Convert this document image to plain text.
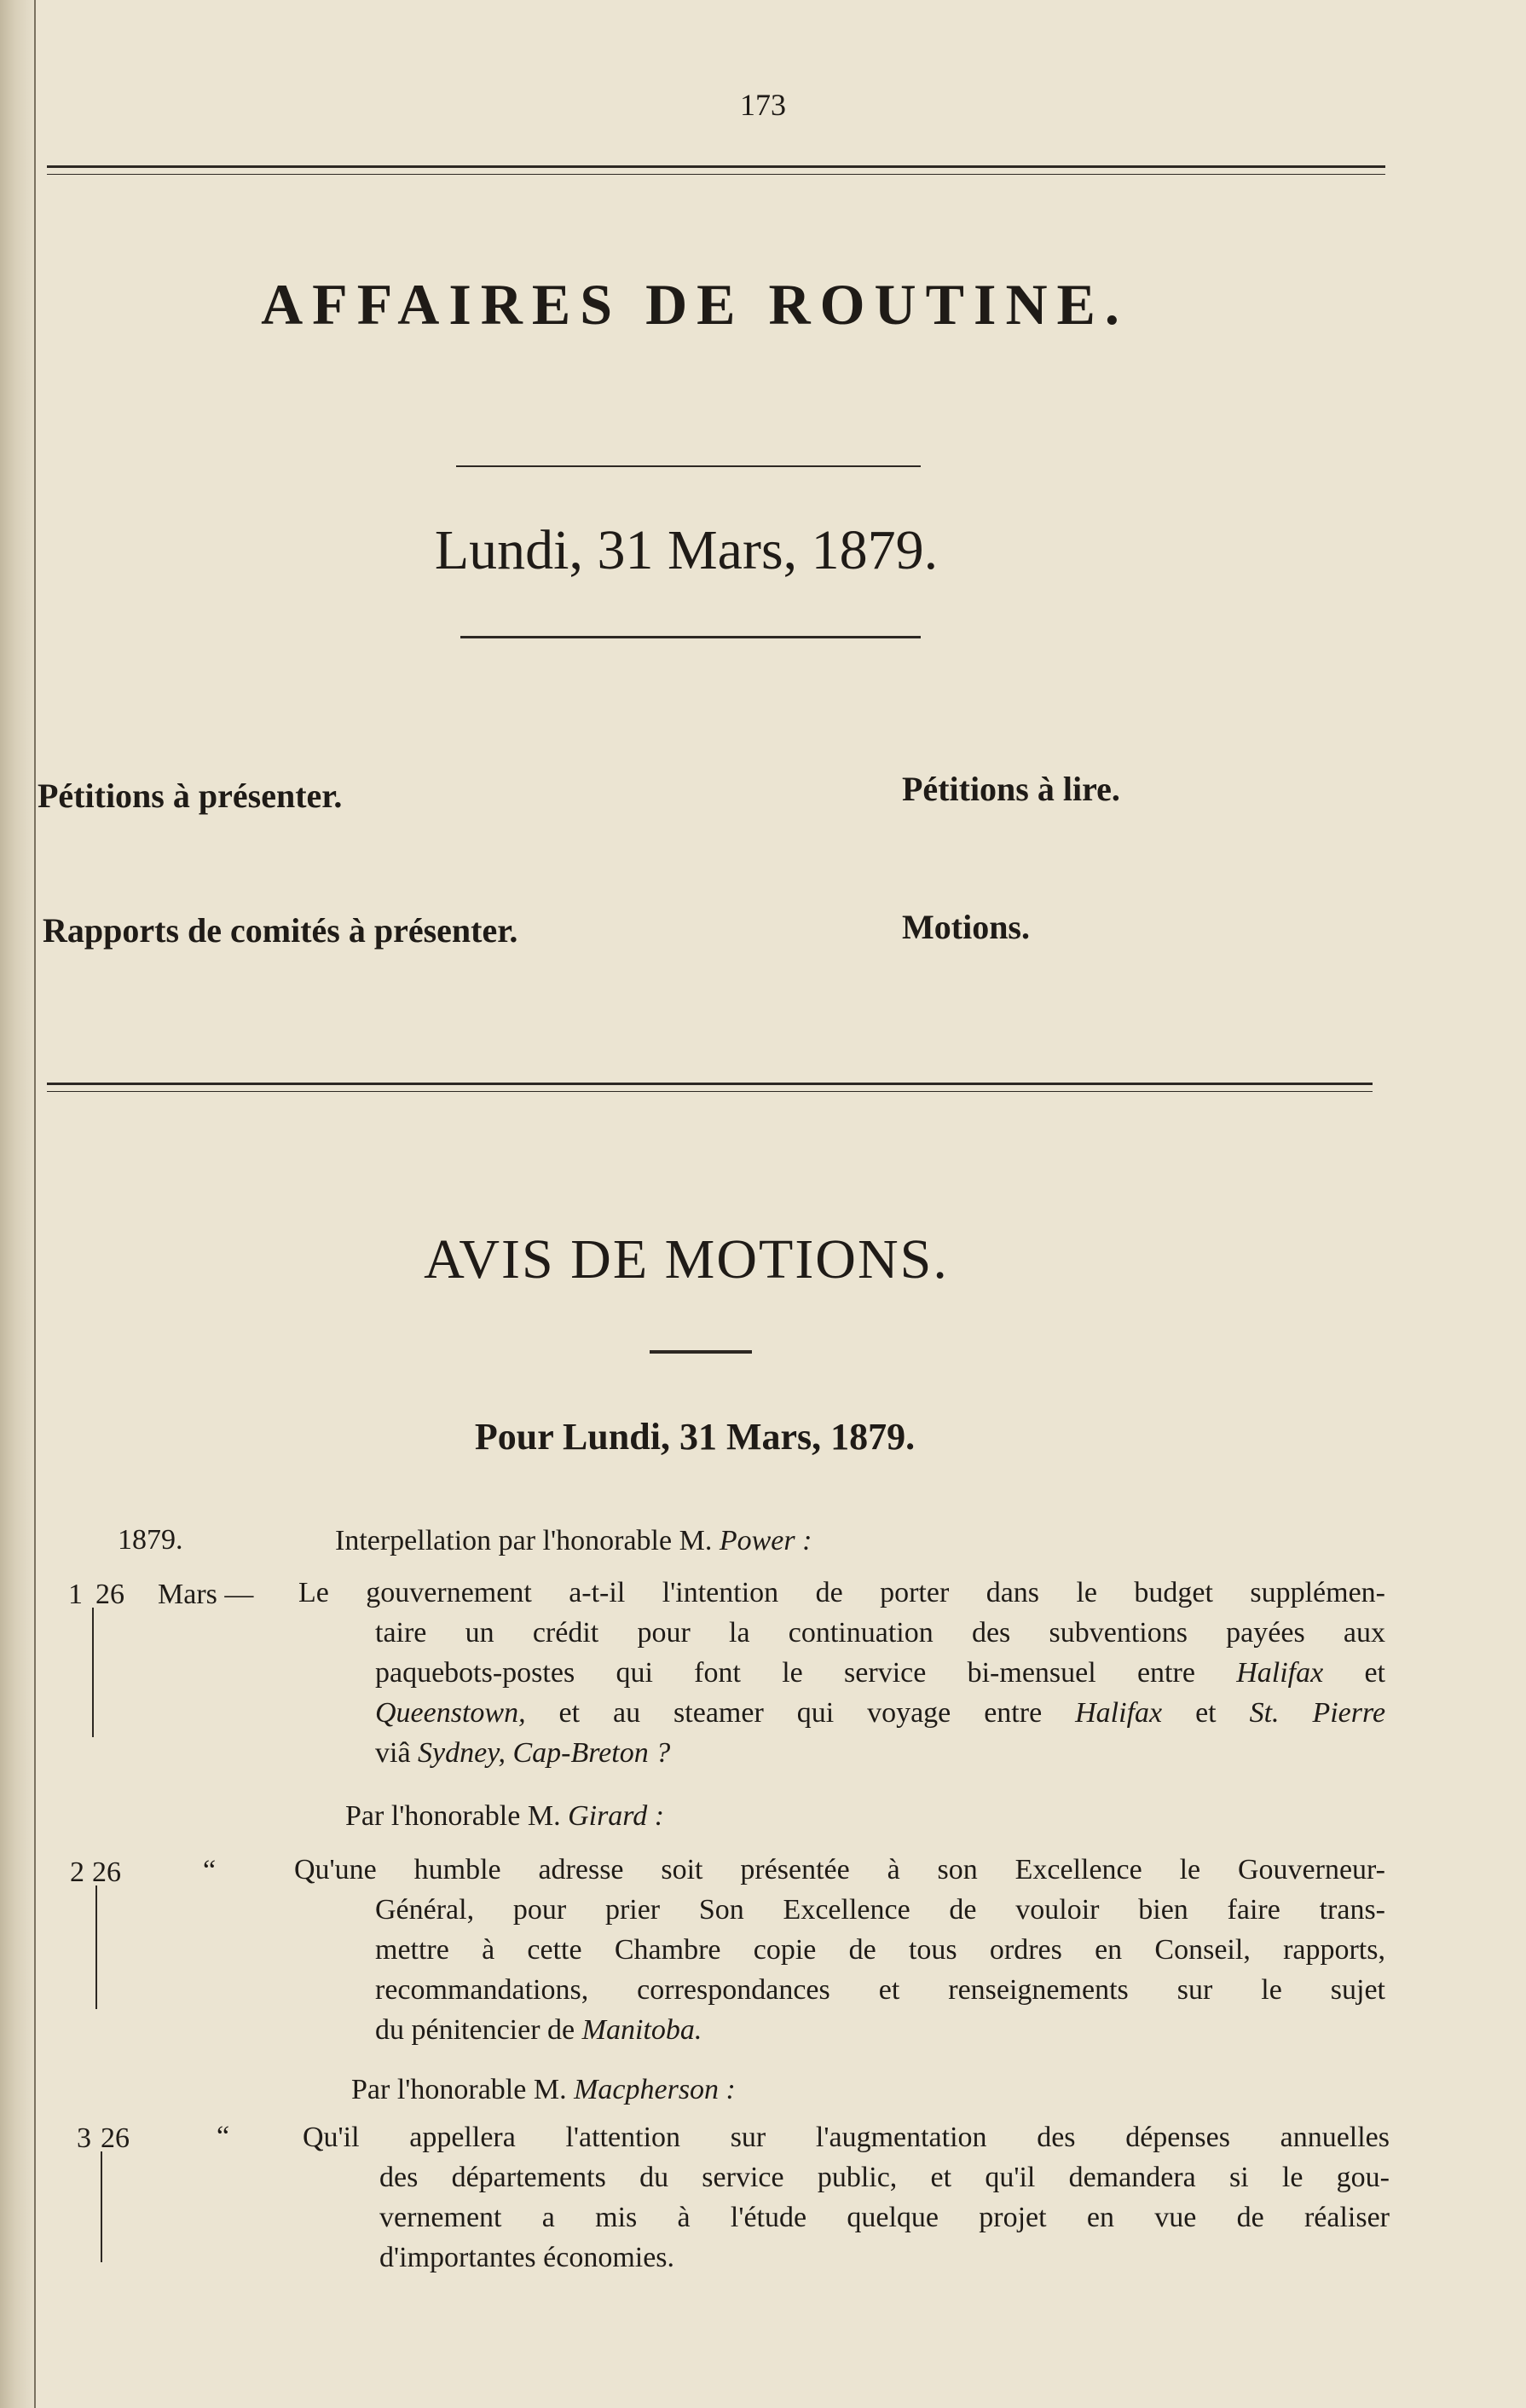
173
AFFAIRES DE ROUTINE.
Lundi, 31 Mars, 1879.
Pétitions à présenter.	Pétitions à lire.
Rapports de comités à présenter.	Motions.
AVIS DE MOTIONS.
Pour Lundi, 31 Mars, 1879.
1879.	Interpellation par l'honorable M. Power :
1 26 Mars — Le gouvernement a-t-il l'intention de porter dans le budget supplémen-
taire un crédit pour la continuation des subventions payées aux
paquebots-postes qui font le service bi-mensuel entre Halifax et
Queenstown, et au steamer qui voyage entre Halifax et St. Pierre
viâ Sydney, Cap-Breton ?
Par l'honorable M. Girard :
2 26	“	Qu'une humble adresse soit présentée à son Excellence le Gouverneur-
Général, pour prier Son Excellence de vouloir bien faire trans-
mettre à cette Chambre copie de tous ordres en Conseil, rapports,
recommandations, correspondances et renseignements sur le sujet
du pénitencier de Manitoba.
Par l'honorable M. Macpherson :
3 26	“	Qu'il appellera l'attention sur l'augmentation des dépenses annuelles
des départements du service public, et qu'il demandera si le gou-
vernement a mis à l'étude quelque projet en vue de réaliser
d'importantes économies.
